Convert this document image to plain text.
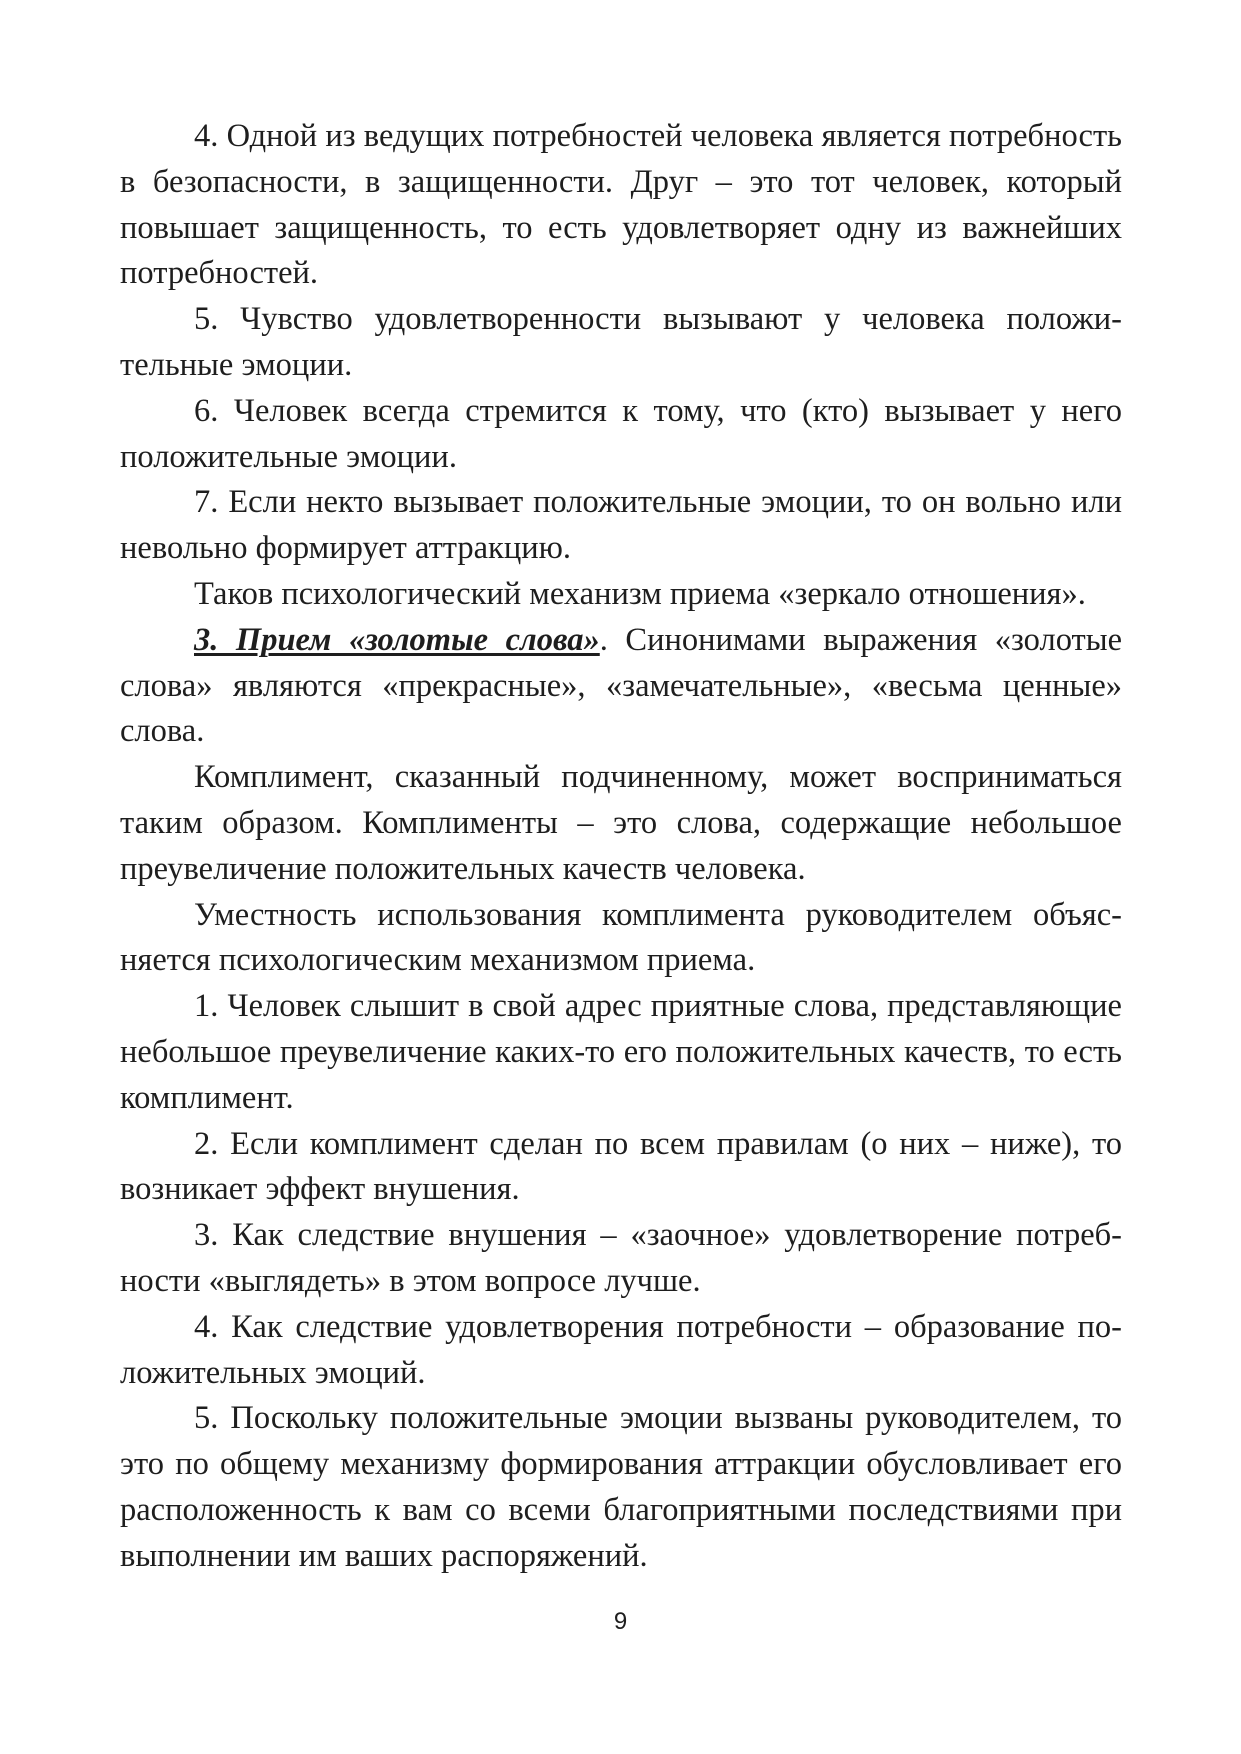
4. Одной из ведущих потребностей человека является потребность в безопасности, в защищенности. Друг – это тот человек, который повышает защищенность, то есть удовлетворяет одну из важнейших потребностей.

5. Чувство удовлетворенности вызывают у человека положительные эмоции.

6. Человек всегда стремится к тому, что (кто) вызывает у него положительные эмоции.

7. Если некто вызывает положительные эмоции, то он вольно или невольно формирует аттракцию.

Таков психологический механизм приема «зеркало отношения».

3. Прием «золотые слова». Синонимами выражения «золотые слова» являются «прекрасные», «замечательные», «весьма ценные» слова.

Комплимент, сказанный подчиненному, может восприниматься таким образом. Комплименты – это слова, содержащие небольшое преувеличение положительных качеств человека.

Уместность использования комплимента руководителем объясняется психологическим механизмом приема.

1. Человек слышит в свой адрес приятные слова, представляющие небольшое преувеличение каких-то его положительных качеств, то есть комплимент.

2. Если комплимент сделан по всем правилам (о них – ниже), то возникает эффект внушения.

3. Как следствие внушения – «заочное» удовлетворение потребности «выглядеть» в этом вопросе лучше.

4. Как следствие удовлетворения потребности – образование положительных эмоций.

5. Поскольку положительные эмоции вызваны руководителем, то это по общему механизму формирования аттракции обусловливает его расположенность к вам со всеми благоприятными последствиями при выполнении им ваших распоряжений.

9
